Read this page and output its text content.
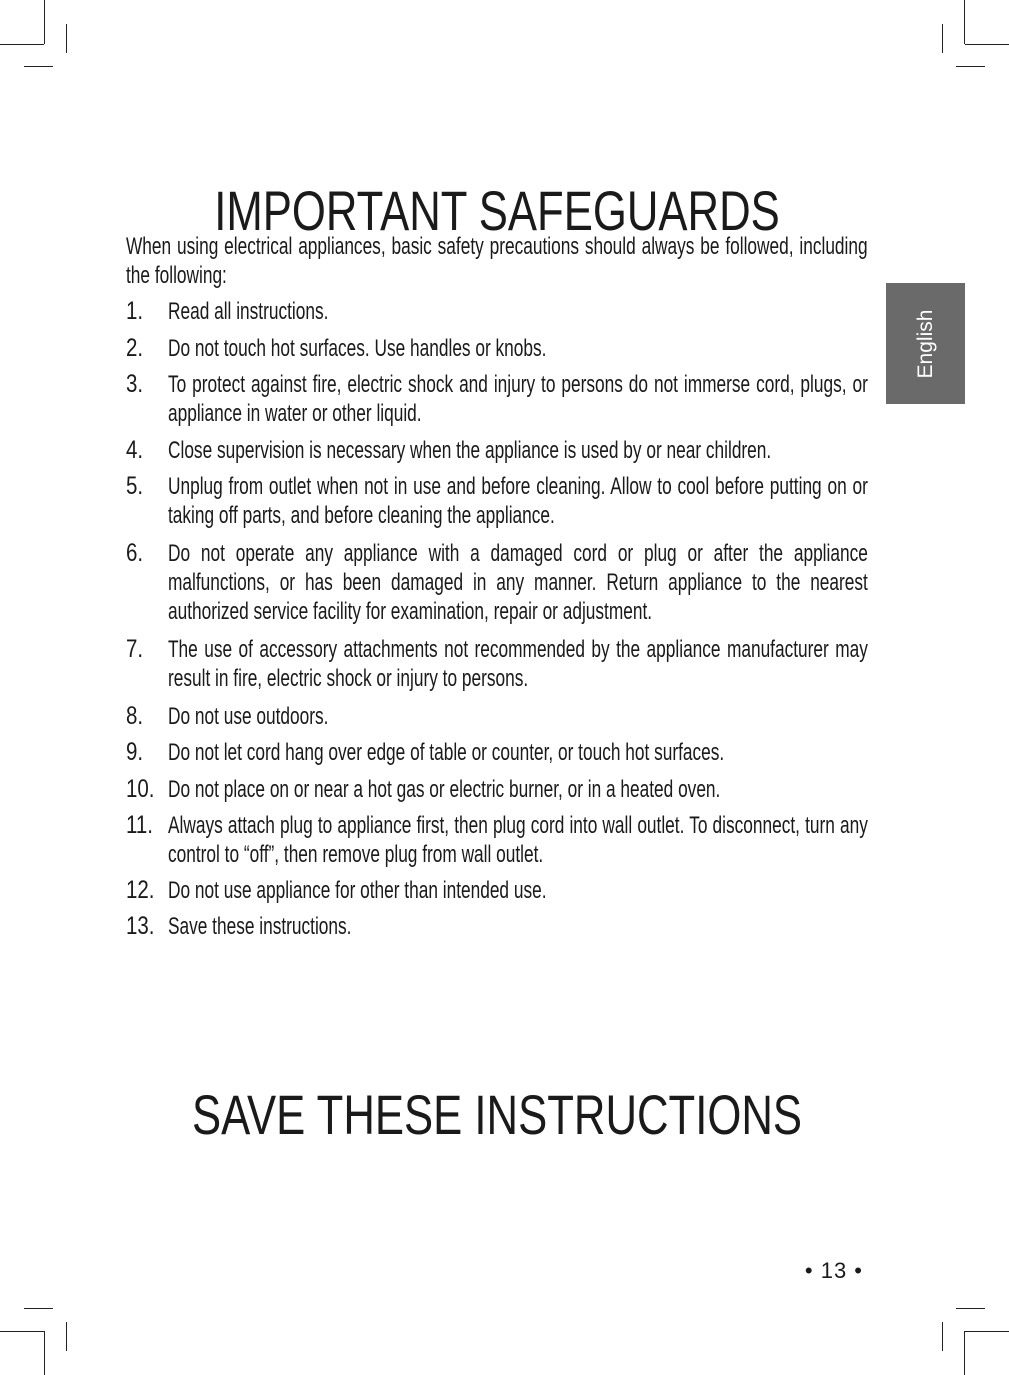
IMPORTANT SAFEGUARDS

When using electrical appliances, basic safety precautions should always be followed, including the following:

1. Read all instructions.
2. Do not touch hot surfaces. Use handles or knobs.
3. To protect against fire, electric shock and injury to persons do not immerse cord, plugs, or appliance in water or other liquid.
4. Close supervision is necessary when the appliance is used by or near children.
5. Unplug from outlet when not in use and before cleaning. Allow to cool before putting on or taking off parts, and before cleaning the appliance.
6. Do not operate any appliance with a damaged cord or plug or after the appliance malfunctions, or has been damaged in any manner. Return appliance to the nearest authorized service facility for examination, repair or adjustment.
7. The use of accessory attachments not recommended by the appliance manufacturer may result in fire, electric shock or injury to persons.
8. Do not use outdoors.
9. Do not let cord hang over edge of table or counter, or touch hot surfaces.
10. Do not place on or near a hot gas or electric burner, or in a heated oven.
11. Always attach plug to appliance first, then plug cord into wall outlet. To disconnect, turn any control to “off”, then remove plug from wall outlet.
12. Do not use appliance for other than intended use.
13. Save these instructions.
SAVE THESE INSTRUCTIONS
English
• 13 •
